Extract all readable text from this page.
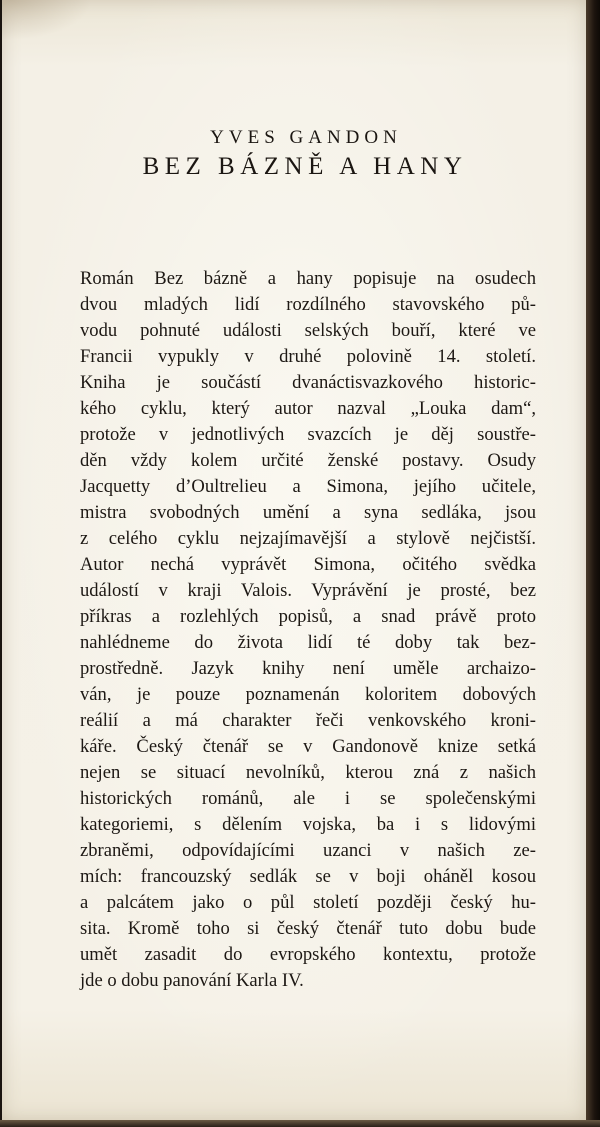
YVES GANDON
BEZ BÁZNĚ A HANY
Román Bez bázně a hany popisuje na osudech
dvou mladých lidí rozdílného stavovského pů-
vodu pohnuté události selských bouří, které ve
Francii vypukly v druhé polovině 14. století.
Kniha je součástí dvanáctisvazkového historic-
kého cyklu, který autor nazval „Louka dam“,
protože v jednotlivých svazcích je děj soustře-
děn vždy kolem určité ženské postavy. Osudy
Jacquetty d’Oultrelieu a Simona, jejího učitele,
mistra svobodných umění a syna sedláka, jsou
z celého cyklu nejzajímavější a stylově nejčistší.
Autor nechá vyprávět Simona, očitého svědka
událostí v kraji Valois. Vyprávění je prosté, bez
příkras a rozlehlých popisů, a snad právě proto
nahlédneme do života lidí té doby tak bez-
prostředně. Jazyk knihy není uměle archaizo-
ván, je pouze poznamenán koloritem dobových
reálií a má charakter řeči venkovského kroni-
káře. Český čtenář se v Gandonově knize setká
nejen se situací nevolníků, kterou zná z našich
historických románů, ale i se společenskými
kategoriemi, s dělením vojska, ba i s lidovými
zbraněmi, odpovídajícími uzanci v našich ze-
mích: francouzský sedlák se v boji oháněl kosou
a palcátem jako o půl století později český hu-
sita. Kromě toho si český čtenář tuto dobu bude
umět zasadit do evropského kontextu, protože
jde o dobu panování Karla IV.
